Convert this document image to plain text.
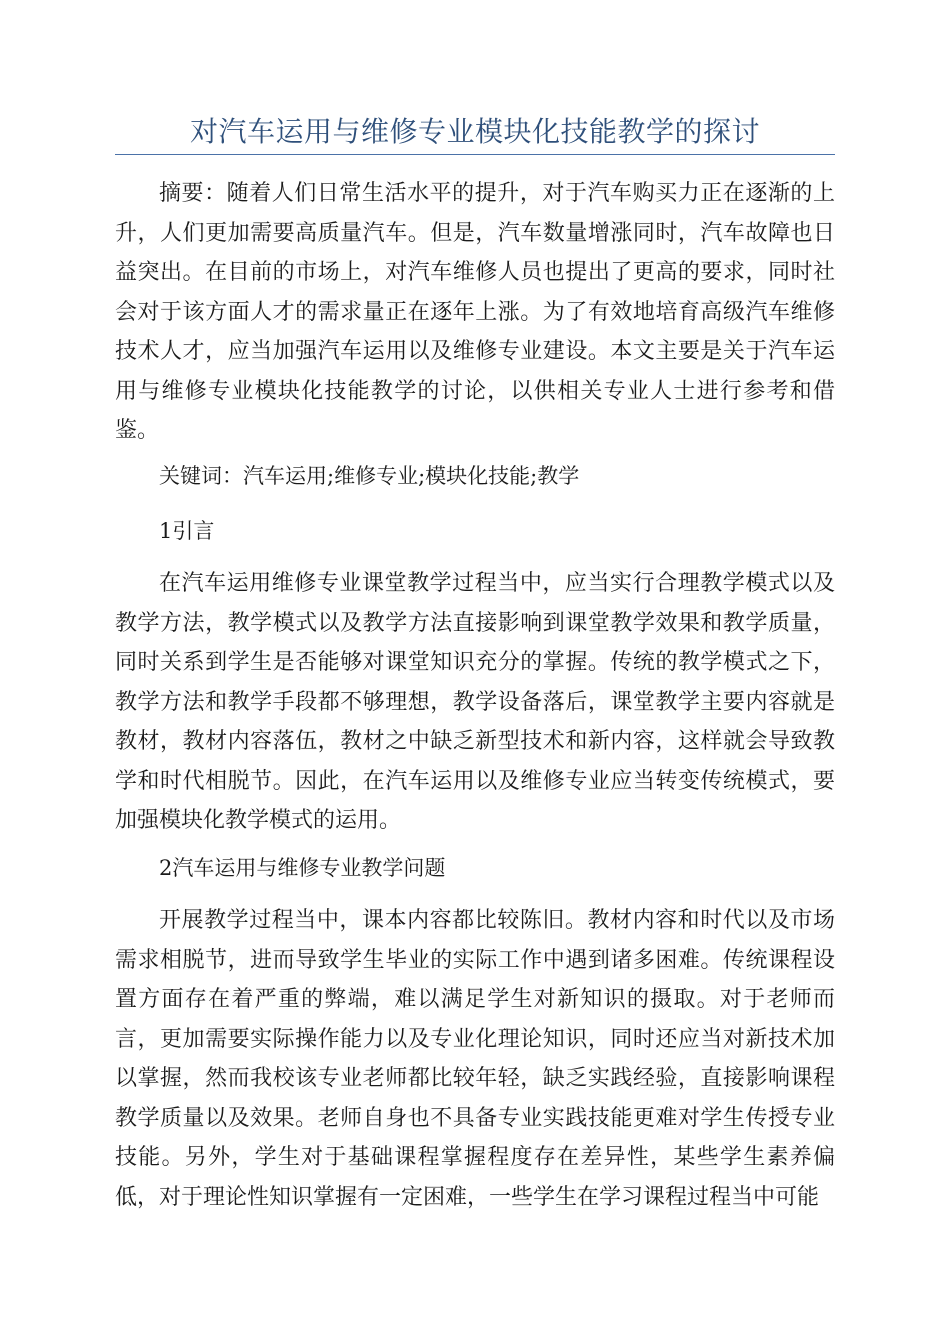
对汽车运用与维修专业模块化技能教学的探讨

摘要：随着人们日常生活水平的提升，对于汽车购买力正在逐渐的上升，人们更加需要高质量汽车。但是，汽车数量增涨同时，汽车故障也日益突出。在目前的市场上，对汽车维修人员也提出了更高的要求，同时社会对于该方面人才的需求量正在逐年上涨。为了有效地培育高级汽车维修技术人才，应当加强汽车运用以及维修专业建设。本文主要是关于汽车运用与维修专业模块化技能教学的讨论，以供相关专业人士进行参考和借鉴。

关键词：汽车运用;维修专业;模块化技能;教学

1引言

在汽车运用维修专业课堂教学过程当中，应当实行合理教学模式以及教学方法，教学模式以及教学方法直接影响到课堂教学效果和教学质量，同时关系到学生是否能够对课堂知识充分的掌握。传统的教学模式之下，教学方法和教学手段都不够理想，教学设备落后，课堂教学主要内容就是教材，教材内容落伍，教材之中缺乏新型技术和新内容，这样就会导致教学和时代相脱节。因此，在汽车运用以及维修专业应当转变传统模式，要加强模块化教学模式的运用。

2汽车运用与维修专业教学问题

开展教学过程当中，课本内容都比较陈旧。教材内容和时代以及市场需求相脱节，进而导致学生毕业的实际工作中遇到诸多困难。传统课程设置方面存在着严重的弊端，难以满足学生对新知识的摄取。对于老师而言，更加需要实际操作能力以及专业化理论知识，同时还应当对新技术加以掌握，然而我校该专业老师都比较年轻，缺乏实践经验，直接影响课程教学质量以及效果。老师自身也不具备专业实践技能更难对学生传授专业技能。另外，学生对于基础课程掌握程度存在差异性，某些学生素养偏低，对于理论性知识掌握有一定困难，一些学生在学习课程过程当中可能
